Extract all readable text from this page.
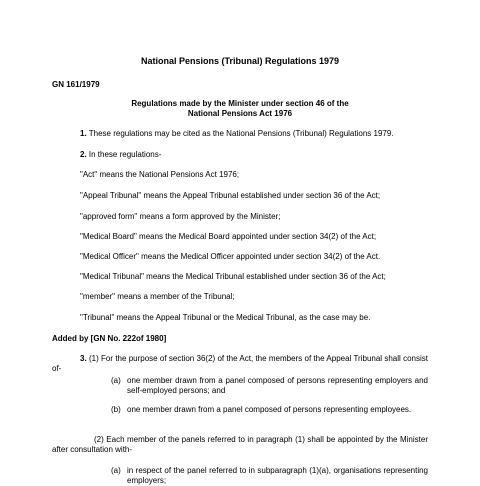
National Pensions (Tribunal) Regulations 1979

GN 161/1979

Regulations made by the Minister under section 46 of the

National Pensions Act 1976

1. These regulations may be cited as the National Pensions (Tribunal) Regulations 1979.

2. In these regulations-

"Act" means the National Pensions Act 1976;

"Appeal Tribunal" means the Appeal Tribunal established under section 36 of the Act;

"approved form" means a form approved by the Minister;

"Medical Board" means the Medical Board appointed under section 34(2) of the Act;

"Medical Officer" means the Medical Officer appointed under section 34(2) of the Act.

"Medical Tribunal" means the Medical Tribunal established under section 36 of the Act;

"member" means a member of the Tribunal;

"Tribunal" means the Appeal Tribunal or the Medical Tribunal, as the case may be.

Added by [GN No. 222of 1980]

3. (1) For the purpose of section 36(2) of the Act, the members of the Appeal Tribunal shall consist of-
(a) one member drawn from a panel composed of persons representing employers and self-employed persons; and
(b) one member drawn from a panel composed of persons representing employees.
(2) Each member of the panels referred to in paragraph (1) shall be appointed by the Minister after consultation with-
(a) in respect of the panel referred to in subparagraph (1)(a), organisations representing employers;
